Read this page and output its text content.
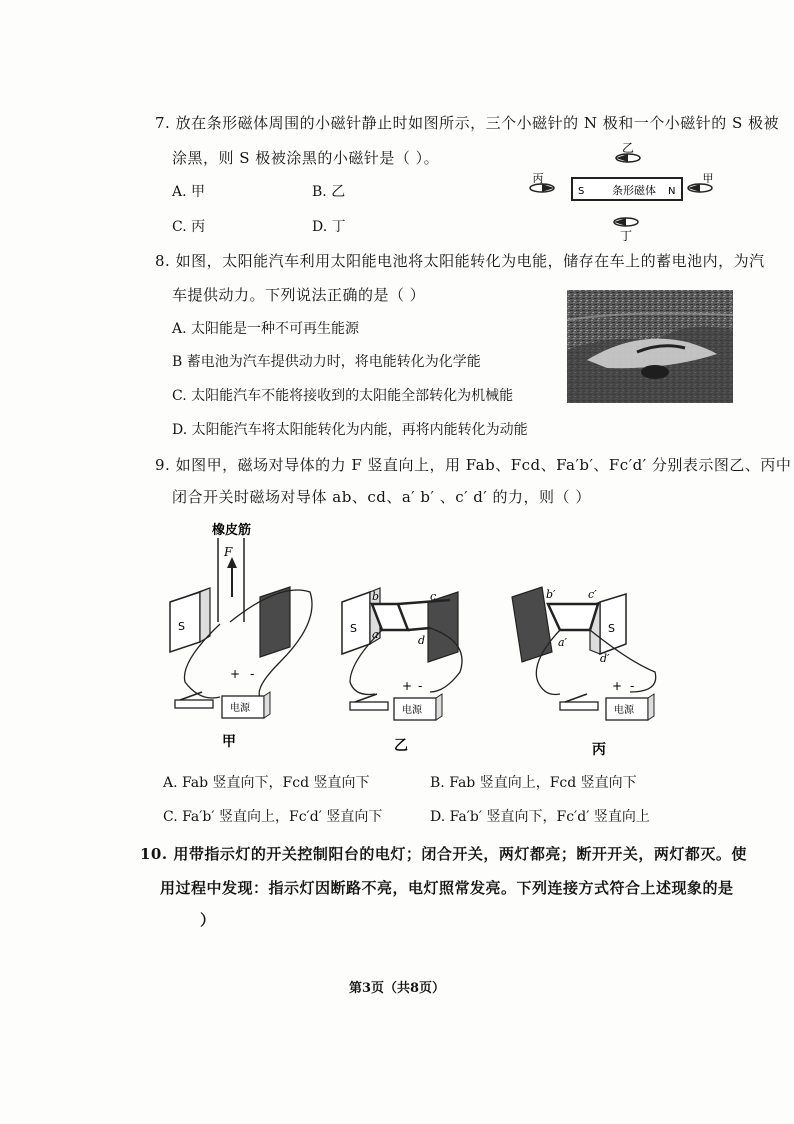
7. 放在条形磁体周围的小磁针静止时如图所示，三个小磁针的 N 极和一个小磁针的 S 极被
涂黑，则 S 极被涂黑的小磁针是（ ）。
A. 甲	B. 乙
C. 丙	D. 丁
乙
S	条形磁体 N
丙	甲
丁
8. 如图，太阳能汽车利用太阳能电池将太阳能转化为电能，储存在车上的蓄电池内，为汽
车提供动力。下列说法正确的是（ ）
A. 太阳能是一种不可再生能源
B 蓄电池为汽车提供动力时，将电能转化为化学能
C. 太阳能汽车不能将接收到的太阳能全部转化为机械能
D. 太阳能汽车将太阳能转化为内能，再将内能转化为动能
9. 如图甲，磁场对导体的力 F 竖直向上，用 Fab、Fcd、Fa′b′、Fc′d′ 分别表示图乙、丙中
闭合开关时磁场对导体 ab、cd、a′ b′ 、c′ d′ 的力，则（ ）
橡皮筋
F
S
+ -
电源
甲
S
b	c
a	d
+ -
电源
乙
S
b′	c′
a′
d′
+ -
电源
丙
A. Fab 竖直向下，Fcd 竖直向下	B. Fab 竖直向上，Fcd 竖直向下
C. Fa′b′ 竖直向上，Fc′d′ 竖直向下	D. Fa′b′ 竖直向下，Fc′d′ 竖直向上
10. 用带指示灯的开关控制阳台的电灯；闭合开关，两灯都亮；断开开关，两灯都灭。使
用过程中发现：指示灯因断路不亮，电灯照常发亮。下列连接方式符合上述现象的是
）
第3页（共8页）
